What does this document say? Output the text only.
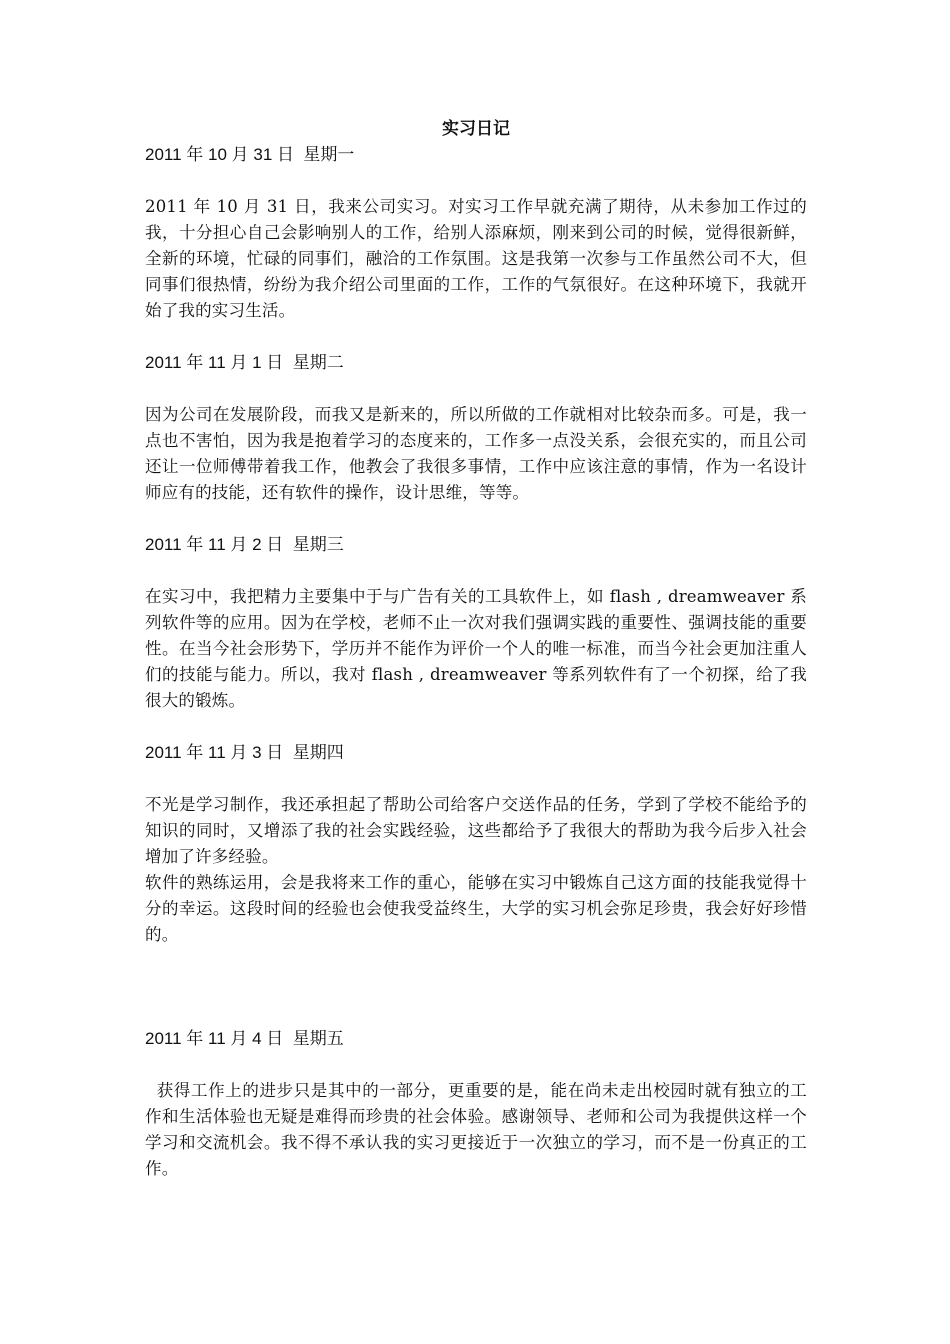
实习日记

2011 年 10 月 31 日  星期一

2011 年 10 月 31 日，我来公司实习。对实习工作早就充满了期待，从未参加工作过的我，十分担心自己会影响别人的工作，给别人添麻烦，刚来到公司的时候，觉得很新鲜，全新的环境，忙碌的同事们，融洽的工作氛围。这是我第一次参与工作虽然公司不大，但同事们很热情，纷纷为我介绍公司里面的工作，工作的气氛很好。在这种环境下，我就开始了我的实习生活。

2011 年 11 月 1 日  星期二

因为公司在发展阶段，而我又是新来的，所以所做的工作就相对比较杂而多。可是，我一点也不害怕，因为我是抱着学习的态度来的，工作多一点没关系，会很充实的，而且公司还让一位师傅带着我工作，他教会了我很多事情，工作中应该注意的事情，作为一名设计师应有的技能，还有软件的操作，设计思维，等等。

2011 年 11 月 2 日  星期三

在实习中，我把精力主要集中于与广告有关的工具软件上，如 flash , dreamweaver 系列软件等的应用。因为在学校，老师不止一次对我们强调实践的重要性、强调技能的重要性。在当今社会形势下，学历并不能作为评价一个人的唯一标准，而当今社会更加注重人们的技能与能力。所以，我对 flash , dreamweaver 等系列软件有了一个初探，给了我很大的锻炼。

2011 年 11 月 3 日  星期四

不光是学习制作，我还承担起了帮助公司给客户交送作品的任务，学到了学校不能给予的知识的同时，又增添了我的社会实践经验，这些都给予了我很大的帮助为我今后步入社会增加了许多经验。

软件的熟练运用，会是我将来工作的重心，能够在实习中锻炼自己这方面的技能我觉得十分的幸运。这段时间的经验也会使我受益终生，大学的实习机会弥足珍贵，我会好好珍惜的。

2011 年 11 月 4 日  星期五

获得工作上的进步只是其中的一部分，更重要的是，能在尚未走出校园时就有独立的工作和生活体验也无疑是难得而珍贵的社会体验。感谢领导、老师和公司为我提供这样一个学习和交流机会。我不得不承认我的实习更接近于一次独立的学习，而不是一份真正的工作。
